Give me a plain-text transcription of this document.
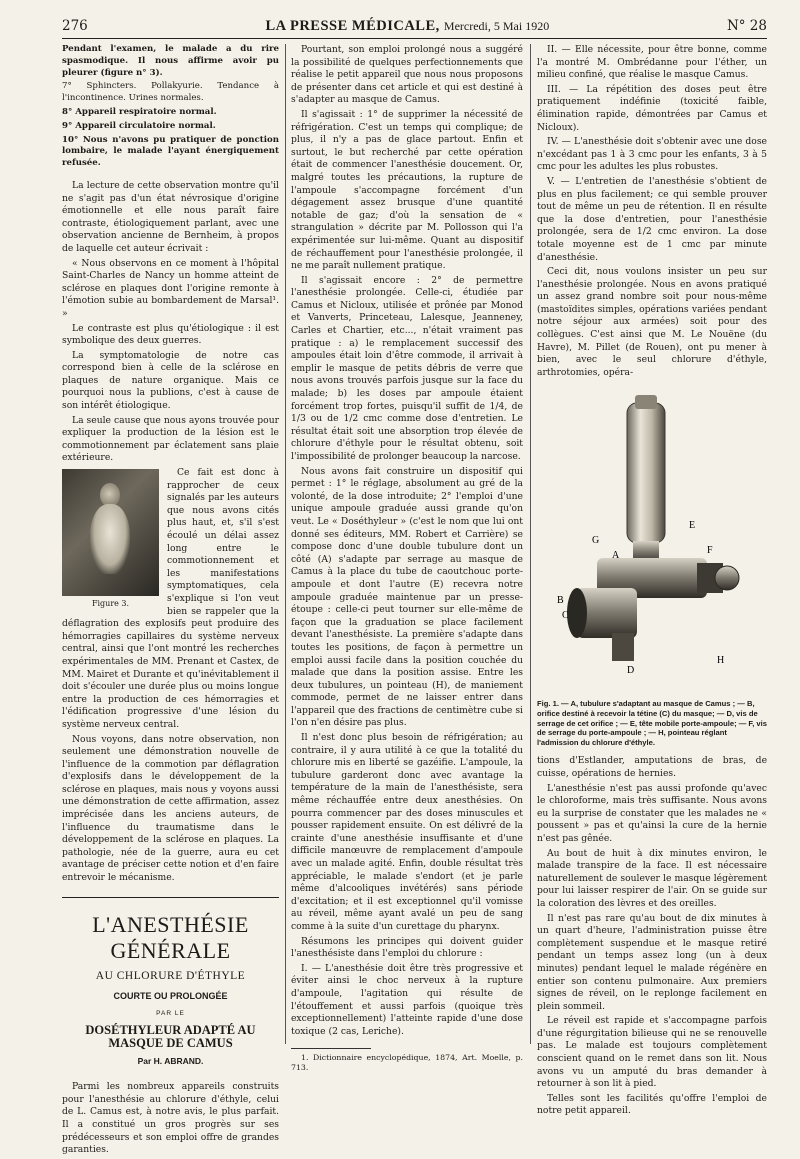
276	LA PRESSE MÉDICALE, Mercredi, 5 Mai 1920	N° 28

Pendant l'examen, le malade a du rire spasmodique. Il nous affirme avoir pu pleurer (figure n° 3).

7° Sphincters. Pollakyurie. Tendance à l'incontinence. Urines normales.

8° Appareil respiratoire normal.

9° Appareil circulatoire normal.

10° Nous n'avons pu pratiquer de ponction lombaire, le malade l'ayant énergiquement refusée.

La lecture de cette observation montre qu'il ne s'agit pas d'un état névrosique d'origine émotionnelle et elle nous paraît faire contraste, étiologiquement parlant, avec une observation ancienne de Bernheim, à propos de laquelle cet auteur écrivait :

« Nous observons en ce moment à l'hôpital Saint-Charles de Nancy un homme atteint de sclérose en plaques dont l'origine remonte à l'émotion subie au bombardement de Marsal¹. »

Le contraste est plus qu'étiologique : il est symbolique des deux guerres.

La symptomatologie de notre cas correspond bien à celle de la sclérose en plaques de nature organique. Mais ce pourquoi nous la publions, c'est à cause de son intérêt étiologique.

La seule cause que nous ayons trouvée pour expliquer la production de la lésion est le commotionnement par éclatement sans plaie extérieure.

Figure 3.

Ce fait est donc à rapprocher de ceux signalés par les auteurs que nous avons cités plus haut, et, s'il s'est écoulé un délai assez long entre le commotionnement et les manifestations symptomatiques, cela s'explique si l'on veut bien se rappeler que la déflagration des explosifs peut produire des hémorragies capillaires du système nerveux central, ainsi que l'ont montré les recherches expérimentales de MM. Prenant et Castex, de MM. Mairet et Durante et qu'inévitablement il doit s'écouler une durée plus ou moins longue entre la production de ces hémorragies et l'édification progressive d'une lésion du système nerveux central.

Nous voyons, dans notre observation, non seulement une démonstration nouvelle de l'influence de la commotion par déflagration d'explosifs dans le développement de la sclérose en plaques, mais nous y voyons aussi une démonstration de cette affirmation, assez imprécisée dans les anciens auteurs, de l'influence du traumatisme dans le développement de la sclérose en plaques. La pathologie, née de la guerre, aura eu cet avantage de préciser cette notion et d'en faire entrevoir le mécanisme.

L'ANESTHÉSIE GÉNÉRALE
AU CHLORURE D'ÉTHYLE
COURTE OU PROLONGÉE
PAR LE
DOSÉTHYLEUR ADAPTÉ AU MASQUE DE CAMUS
Par H. ABRAND.

Parmi les nombreux appareils construits pour l'anesthésie au chlorure d'éthyle, celui de L. Camus est, à notre avis, le plus parfait. Il a constitué un gros progrès sur ses prédécesseurs et son emploi offre de grandes garanties.

Pourtant, son emploi prolongé nous a suggéré la possibilité de quelques perfectionnements que réalise le petit appareil que nous nous proposons de présenter dans cet article et qui est destiné à s'adapter au masque de Camus.

Il s'agissait : 1° de supprimer la nécessité de réfrigération. C'est un temps qui complique; de plus, il n'y a pas de glace partout. Enfin et surtout, le but recherché par cette opération était de commencer l'anesthésie doucement. Or, malgré toutes les précautions, la rupture de l'ampoule s'accompagne forcément d'un dégagement assez brusque d'une quantité notable de gaz; d'où la sensation de « strangulation » décrite par M. Pollosson qui l'a expérimentée sur lui-même. Quant au dispositif de réchauffement pour l'anesthésie prolongée, il ne me paraît nullement pratique.

Il s'agissait encore : 2° de permettre l'anesthésie prolongée. Celle-ci, étudiée par Camus et Nicloux, utilisée et prônée par Monod et Vanverts, Princeteau, Lalesque, Jeanneney, Carles et Chartier, etc..., n'était vraiment pas pratique : a) le remplacement successif des ampoules était loin d'être commode, il arrivait à emplir le masque de petits débris de verre que nous avons trouvés parfois jusque sur la face du malade; b) les doses par ampoule étaient forcément trop fortes, puisqu'il suffit de 1/4, de 1/3 ou de 1/2 cmc comme dose d'entretien. Le résultat était soit une absorption trop élevée de chlorure d'éthyle pour le résultat obtenu, soit l'impossibilité de prolonger beaucoup la narcose.

Nous avons fait construire un dispositif qui permet : 1° le réglage, absolument au gré de la volonté, de la dose introduite; 2° l'emploi d'une unique ampoule graduée aussi grande qu'on veut. Le « Doséthyleur » (c'est le nom que lui ont donné ses éditeurs, MM. Robert et Carrière) se compose donc d'une double tubulure dont un côté (A) s'adapte par serrage au masque de Camus à la place du tube de caoutchouc porte-ampoule et dont l'autre (E) recevra notre ampoule graduée maintenue par un presse-étoupe : celle-ci peut tourner sur elle-même de façon que la graduation se place facilement devant l'anesthésiste. La première s'adapte dans toutes les positions, de façon à permettre un emploi aussi facile dans la position couchée du malade que dans la position assise. Entre les deux tubulures, un pointeau (H), de maniement commode, permet de ne laisser entrer dans l'appareil que des fractions de centimètre cube si l'on n'en désire pas plus.

Il n'est donc plus besoin de réfrigération; au contraire, il y aura utilité à ce que la totalité du chlorure mis en liberté se gazéifie. L'ampoule, la tubulure garderont donc avec avantage la température de la main de l'anesthésiste, sera même réchauffée entre deux anesthésies. On pourra commencer par des doses minuscules et pousser rapidement ensuite. On est délivré de la crainte d'une anesthésie insuffisante et d'une difficile manœuvre de remplacement d'ampoule avec un malade agité. Enfin, double résultat très appréciable, le malade s'endort (et je parle même d'alcooliques invétérés) sans période d'excitation; et il est exceptionnel qu'il vomisse au réveil, même ayant avalé un peu de sang comme à la suite d'un curettage du pharynx.

Résumons les principes qui doivent guider l'anesthésiste dans l'emploi du chlorure :

I. — L'anesthésie doit être très progressive et éviter ainsi le choc nerveux à la rupture d'ampoule, l'agitation qui résulte de l'étouffement et aussi parfois (quoique très exceptionnellement) l'atteinte rapide d'une dose toxique (2 cas, Leriche).

1. Dictionnaire encyclopédique, 1874, Art. Moelle, p. 713.

II. — Elle nécessite, pour être bonne, comme l'a montré M. Ombrédanne pour l'éther, un milieu confiné, que réalise le masque Camus.

III. — La répétition des doses peut être pratiquement indéfinie (toxicité faible, élimination rapide, démontrées par Camus et Nicloux).

IV. — L'anesthésie doit s'obtenir avec une dose n'excédant pas 1 à 3 cmc pour les enfants, 3 à 5 cmc pour les adultes les plus robustes.

V. — L'entretien de l'anesthésie s'obtient de plus en plus facilement; ce qui semble prouver tout de même un peu de rétention. Il en résulte que la dose d'entretien, pour l'anesthésie prolongée, sera de 1/2 cmc environ. La dose totale moyenne est de 1 cmc par minute d'anesthésie.

Ceci dit, nous voulons insister un peu sur l'anesthésie prolongée. Nous en avons pratiqué un assez grand nombre soit pour nous-même (mastoïdites simples, opérations variées pendant notre séjour aux armées) soit pour des collègues. C'est ainsi que M. Le Nouëne (du Havre), M. Pillet (de Rouen), ont pu mener à bien, avec le seul chlorure d'éthyle, arthrotomies, opéra-

G
A
E
B
C
D
F
H
Fig. 1. — A, tubulure s'adaptant au masque de Camus ; — B, orifice destiné à recevoir la tétine (C) du masque; — D, vis de serrage de cet orifice ; — E, tête mobile porte-ampoule; — F, vis de serrage du porte-ampoule ; — H, pointeau réglant l'admission du chlorure d'éthyle.

tions d'Estlander, amputations de bras, de cuisse, opérations de hernies.

L'anesthésie n'est pas aussi profonde qu'avec le chloroforme, mais très suffisante. Nous avons eu la surprise de constater que les malades ne « poussent » pas et qu'ainsi la cure de la hernie n'est pas gênée.

Au bout de huit à dix minutes environ, le malade transpire de la face. Il est nécessaire naturellement de soulever le masque légèrement pour lui laisser respirer de l'air. On se guide sur la coloration des lèvres et des oreilles.

Il n'est pas rare qu'au bout de dix minutes à un quart d'heure, l'administration puisse être complètement suspendue et le masque retiré pendant un temps assez long (un à deux minutes) pendant lequel le malade régénère en entier son contenu pulmonaire. Aux premiers signes de réveil, on le replonge facilement en plein sommeil.

Le réveil est rapide et s'accompagne parfois d'une régurgitation bilieuse qui ne se renouvelle pas. Le malade est toujours complètement conscient quand on le remet dans son lit. Nous avons vu un amputé du bras demander à retourner à son lit à pied.

Telles sont les facilités qu'offre l'emploi de notre petit appareil.
